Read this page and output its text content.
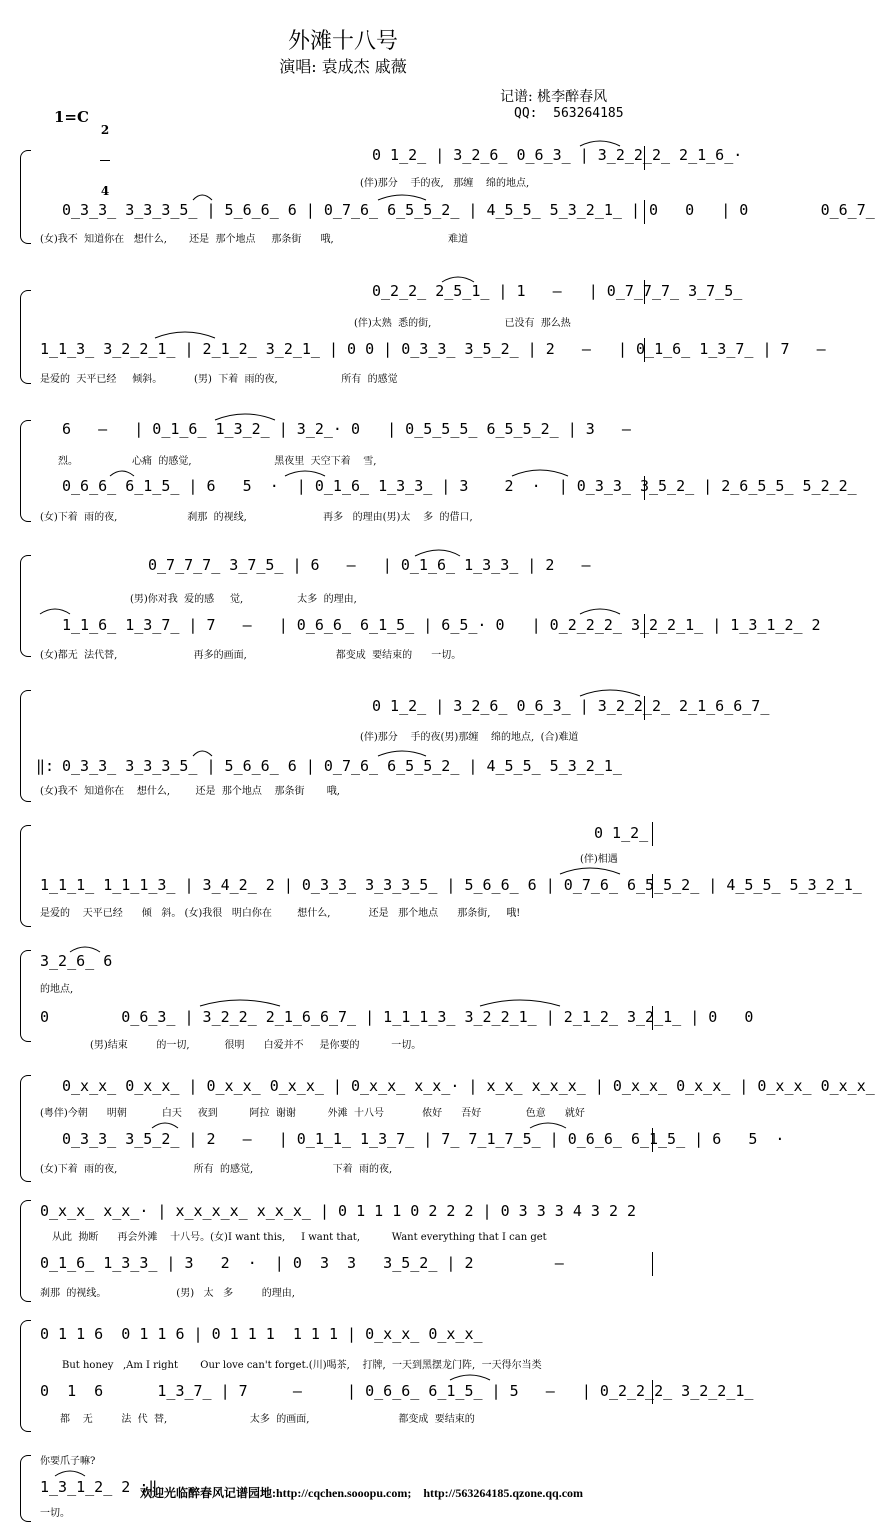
外滩十八号
演唱: 袁成杰 戚薇
记谱: 桃李醉春风
QQ:  563264185
1=C

2

4

0 1̲2̲ | 3̲2̲6̲ 0̲6̲3̲ | 3̲2̲2̲2̲ 2̲1̲6̲·
(伴)那分    手的夜,   那缠    绵的地点,
0̲3̲3̲ 3̲3̲3̲5̲ | 5̲6̲6̲ 6 | 0̲7̲6̲ 6̲5̲5̲2̲ | 4̲5̲5̲ 5̲3̲2̲1̲ | 0   0   | 0        0̲6̲7̲
(女)我不  知道你在   想什么,       还是  那个地点     那条街      哦,                                    难道
0̲2̲2̲ 2̲5̲1̲ | 1   –   | 0̲7̲7̲7̲ 3̲7̲5̲
(伴)太熟  悉的街,                       已没有  那么热
1̲1̲3̲ 3̲2̲2̲1̲ | 2̲1̲2̲ 3̲2̲1̲ | 0 0 | 0̲3̲3̲ 3̲5̲2̲ | 2   –   | 0̲1̲6̲ 1̲3̲7̲ | 7   –
是爱的  天平已经     倾斜。          (男)  下着  雨的夜,                    所有  的感觉
6   –   | 0̲1̲6̲ 1̲3̲2̲ | 3̲2̲· 0   | 0̲5̲5̲5̲ 6̲5̲5̲2̲ | 3   –
烈。                 心痛  的感觉,                          黑夜里  天空下着    雪,
0̲6̲6̲ 6̲1̲5̲ | 6   5  ·  | 0̲1̲6̲ 1̲3̲3̲ | 3    2  ·  | 0̲3̲3̲ 3̲5̲2̲ | 2̲6̲5̲5̲ 5̲2̲2̲
(女)下着  雨的夜,                      刹那  的视线,                        再多   的理由(男)太    多  的借口,
0̲7̲7̲7̲ 3̲7̲5̲ | 6   –   | 0̲1̲6̲ 1̲3̲3̲ | 2   –
(男)你对我  爱的感     觉,                 太多  的理由,
1̲1̲6̲ 1̲3̲7̲ | 7   –   | 0̲6̲6̲ 6̲1̲5̲ | 6̲5̲· 0   | 0̲2̲2̲2̲ 3̲2̲2̲1̲ | 1̲3̲1̲2̲ 2
(女)都无  法代替,                        再多的画面,                            都变成  要结束的      一切。
0 1̲2̲ | 3̲2̲6̲ 0̲6̲3̲ | 3̲2̲2̲2̲ 2̲1̲6̲6̲7̲
(伴)那分    手的夜(男)那缠    绵的地点,  (合)难道
‖: 0̲3̲3̲ 3̲3̲3̲5̲ | 5̲6̲6̲ 6 | 0̲7̲6̲ 6̲5̲5̲2̲ | 4̲5̲5̲ 5̲3̲2̲1̲
(女)我不  知道你在    想什么,        还是  那个地点    那条街       哦,
0 1̲2̲
(伴)相遇
1̲1̲1̲ 1̲1̲1̲3̲ | 3̲4̲2̲ 2 | 0̲3̲3̲ 3̲3̲3̲5̲ | 5̲6̲6̲ 6 | 0̲7̲6̲ 6̲5̲5̲2̲ | 4̲5̲5̲ 5̲3̲2̲1̲
是爱的    天平已经      倾   斜。 (女)我很   明白你在        想什么,            还是   那个地点      那条街,     哦!
3̲2̲6̲ 6
的地点,
0        0̲6̲3̲ | 3̲2̲2̲ 2̲1̲6̲6̲7̲ | 1̲1̲1̲3̲ 3̲2̲2̲1̲ | 2̲1̲2̲ 3̲2̲1̲ | 0   0
(男)结束         的一切,           很明      白爱并不     是你要的          一切。
0̲x̲x̲ 0̲x̲x̲ | 0̲x̲x̲ 0̲x̲x̲ | 0̲x̲x̲ x̲x̲· | x̲x̲ x̲x̲x̲ | 0̲x̲x̲ 0̲x̲x̲ | 0̲x̲x̲ 0̲x̲x̲
(粤伴)今朝      明朝           白天     夜到          阿拉  谢谢          外滩  十八号            侬好      吾好              色意      就好
0̲3̲3̲ 3̲5̲2̲ | 2   –   | 0̲1̲1̲ 1̲3̲7̲ | 7̲ 7̲1̲7̲5̲ | 0̲6̲6̲ 6̲1̲5̲ | 6   5  ·
(女)下着  雨的夜,                        所有  的感觉,                         下着  雨的夜,
0̲x̲x̲ x̲x̲· | x̲x̲x̲x̲ x̲x̲x̲ | 0 1 1 1 0 2 2 2 | 0 3 3 3 4 3 2 2
从此  拗断      再会外滩    十八号。(女)I want this,     I want that,          Want everything that I can get
0̲1̲6̲ 1̲3̲3̲ | 3   2  ·  | 0  3  3   3̲5̲2̲ | 2         –
刹那  的视线。                      (男)   太   多         的理由,
0 1 1 6  0 1 1 6 | 0 1 1 1  1 1 1 | 0̲x̲x̲ 0̲x̲x̲
But honey   ,Am I right       Our love can't forget.(川)喝茶,    打牌,  一天到黑摆龙门阵,  一天得尔当类
0  1  6      1̲3̲7̲ | 7     –     | 0̲6̲6̲ 6̲1̲5̲ | 5   –   | 0̲2̲2̲2̲ 3̲2̲2̲1̲
都    无         法  代  替,                          太多  的画面,                            都变成  要结束的
你要爪子嘛?
1̲3̲1̲2̲ 2 :‖
一切。
欢迎光临醉春风记谱园地:http://cqchen.sooopu.com;    http://563264185.qzone.qq.com
